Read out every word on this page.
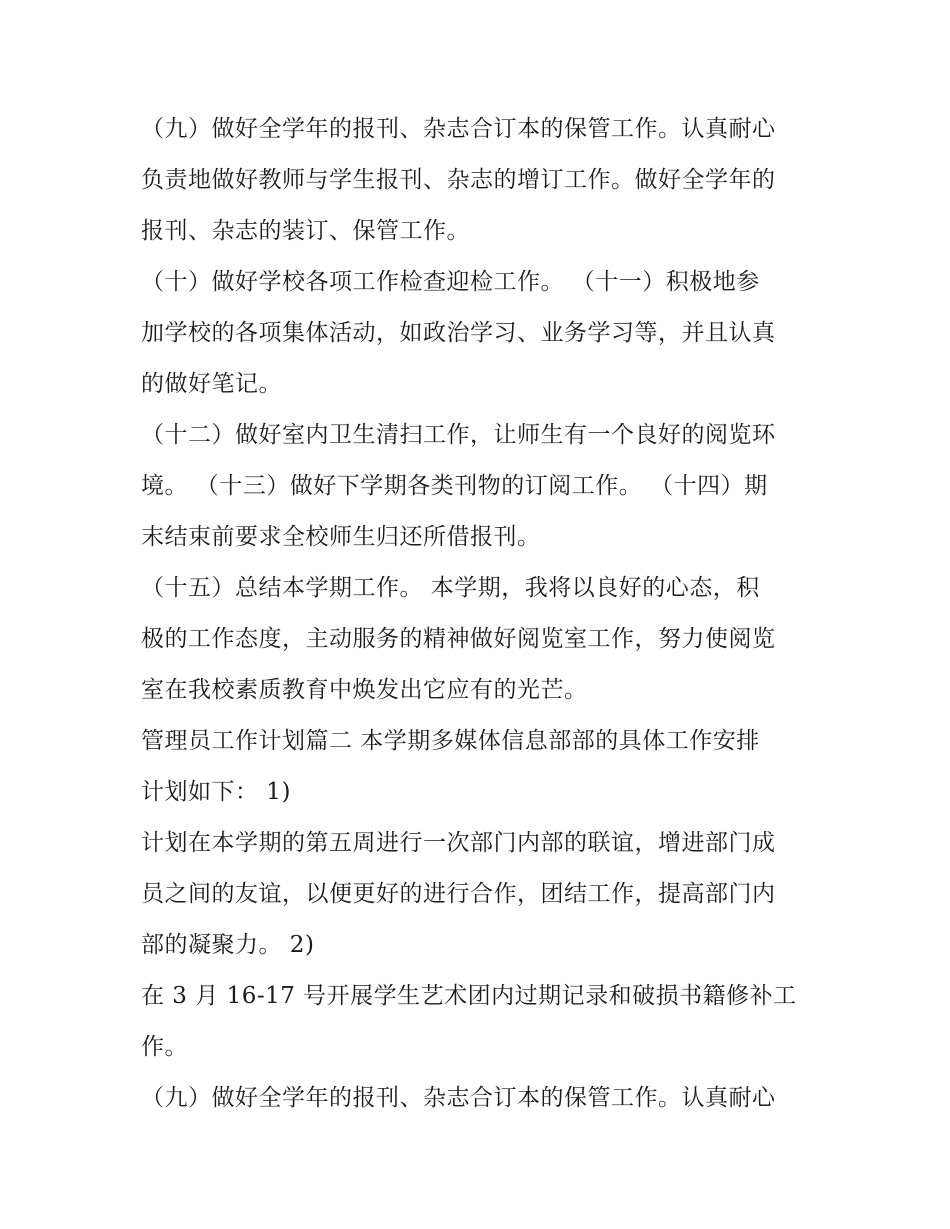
（九）做好全学年的报刊、杂志合订本的保管工作。认真耐心
负责地做好教师与学生报刊、杂志的增订工作。做好全学年的
报刊、杂志的装订、保管工作。
（十）做好学校各项工作检查迎检工作。 （十一）积极地参
加学校的各项集体活动，如政治学习、业务学习等，并且认真
的做好笔记。
（十二）做好室内卫生清扫工作，让师生有一个良好的阅览环
境。 （十三）做好下学期各类刊物的订阅工作。 （十四）期
末结束前要求全校师生归还所借报刊。
（十五）总结本学期工作。 本学期，我将以良好的心态，积
极的工作态度，主动服务的精神做好阅览室工作，努力使阅览
室在我校素质教育中焕发出它应有的光芒。
管理员工作计划篇二 本学期多媒体信息部部的具体工作安排
计划如下： 1)
计划在本学期的第五周进行一次部门内部的联谊，增进部门成
员之间的友谊，以便更好的进行合作，团结工作，提高部门内
部的凝聚力。 2)
在 3 月 16-17 号开展学生艺术团内过期记录和破损书籍修补工
作。
（九）做好全学年的报刊、杂志合订本的保管工作。认真耐心
